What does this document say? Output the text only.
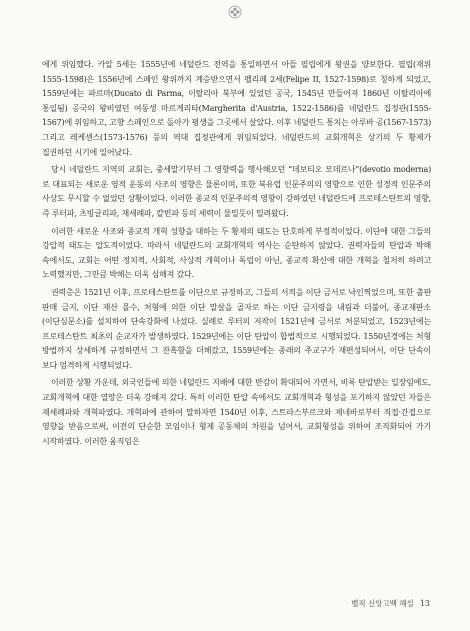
에게 위임했다. 카알 5세는 1555년에 네덜란드 전역을 통일하면서 아들 필립에게 왕권을 양보한다. 필립(재위 1555-1598)은 1556년에 스페인 왕위까지 계승받으면서 펠리페 2세(Felipe II, 1527-1598)로 칭하게 되었고, 1559년에는 파르마(Ducato di Parma, 이탈리아 북부에 있었던 공국, 1545년 만들어져 1860년 이탈리아에 통일됨) 공국의 왕비였던 여동생 마르게리타(Margherita d'Austria, 1522-1586)를 네덜란드 집정관(1555-1567)에 위임하고, 고향 스페인으로 돌아가 평생을 그곳에서 살았다. 이후 네덜란드 통치는 아루바 공(1567-1573) 그리고 레케센스(1573-1576) 등의 역대 집정관에게 위임되었다. 네덜란드의 교회개혁은 상기의 두 황제가 집권하던 시기에 일어났다.

당시 네덜란드 지역의 교회는, 중세말기부터 그 영향력을 행사해오던 “데보티오 모데르나”(devotio moderna)로 대표되는 새로운 영적 운동의 사조의 영향은 물론이며, 또한 북유럽 인문주의의 영향으로 인한 성경적 인문주의 사상도 무시할 수 없었던 상황이었다. 이러한 종교적 인문주의적 영향이 강하였던 네덜란드에 프로테스탄트의 영향, 즉 루터파, 츠빙글리파, 재세례파, 칼빈파 등의 세력이 물밀듯이 밀려왔다.

이러한 새로운 사조와 종교적 개혁 성향을 대하는 두 황제의 태도는 단호하게 부정적이었다. 이단에 대한 그들의 강압적 태도는 압도적이었다. 따라서 네덜란드의 교회개혁의 역사는 순탄하지 않았다. 권력자들의 탄압과 박해 속에서도, 교회는 어떤 정치적, 사회적, 사상적 개혁이나 독립이 아닌, 종교적 확신에 대한 개혁을 철저히 하려고 노력했지만, 그만큼 박해는 더욱 심해져 갔다.

권력층은 1521년 이후, 프로테스탄트를 이단으로 규정하고, 그들의 서적을 이단 금서로 낙인찍었으며, 또한 출판 판매 금지, 이단 재산 몰수, 처형에 의한 이단 말살을 골자로 하는 이단 금지령을 내림과 더불어, 종교재판소(이단심문소)를 설치하여 단속강화에 나섰다. 실례로 루터의 저작이 1521년에 금서로 처분되었고, 1523년에는 프로테스탄트 최초의 순교자가 발생하였다. 1529년에는 이단 탄압이 합법적으로 시행되었다. 1550년경에는 처형 방법까지 상세하게 규정하면서 그 잔혹함을 더해갔고, 1559년에는 종래의 주교구가 재편성되어서, 이단 단속이 보다 엄격하게 시행되었다.

이러한 상황 가운데, 외국인들에 의한 네덜란드 지배에 대한 반감이 확대되어 가면서, 비록 탄압받는 입장임에도, 교회개혁에 대한 열망은 더욱 강해져 갔다. 특히 이러한 탄압 속에서도 교회개혁과 형성을 포기하지 않았던 자들은 재세례파와 개혁파였다. 개혁파에 관하여 말하자면 1540년 이후, 스트라스부르크와 제네바로부터 직접·간접으로 영향을 받음으로써, 이전의 단순한 모임이나 형제 공동체의 차원을 넘어서, 교회형성을 위하여 조직화되어 가기 시작하였다. 이러한 움직임은

벨직 신앙고백 해설 13
